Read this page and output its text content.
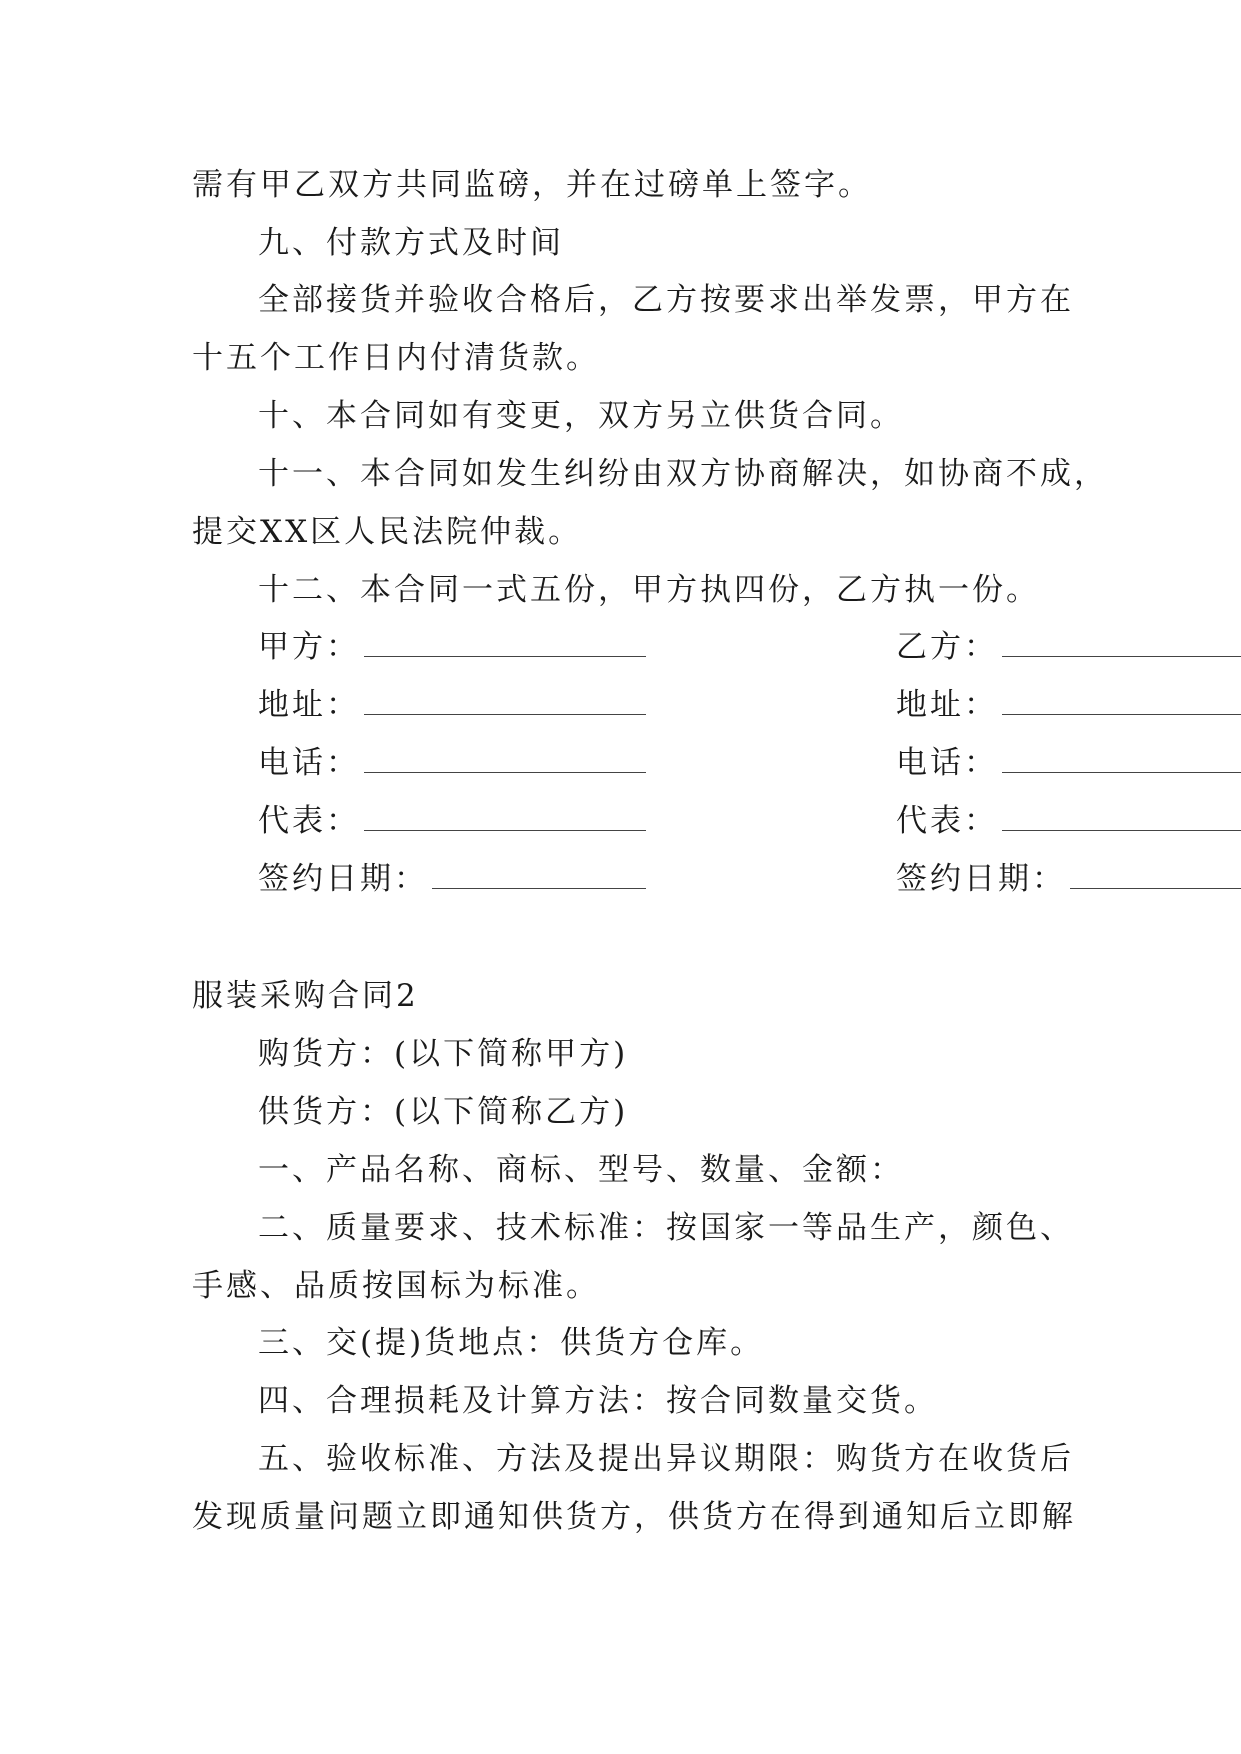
需有甲乙双方共同监磅，并在过磅单上签字。
九、付款方式及时间
全部接货并验收合格后，乙方按要求出举发票，甲方在
十五个工作日内付清货款。
十、本合同如有变更，双方另立供货合同。
十一、本合同如发生纠纷由双方协商解决，如协商不成，
提交XX区人民法院仲裁。
十二、本合同一式五份，甲方执四份，乙方执一份。
甲方：	乙方：
地址：	地址：
电话：	电话：
代表：	代表：
签约日期：	签约日期：
服装采购合同2
购货方：(以下简称甲方)
供货方：(以下简称乙方)
一、产品名称、商标、型号、数量、金额：
二、质量要求、技术标准：按国家一等品生产，颜色、
手感、品质按国标为标准。
三、交(提)货地点：供货方仓库。
四、合理损耗及计算方法：按合同数量交货。
五、验收标准、方法及提出异议期限：购货方在收货后
发现质量问题立即通知供货方，供货方在得到通知后立即解
